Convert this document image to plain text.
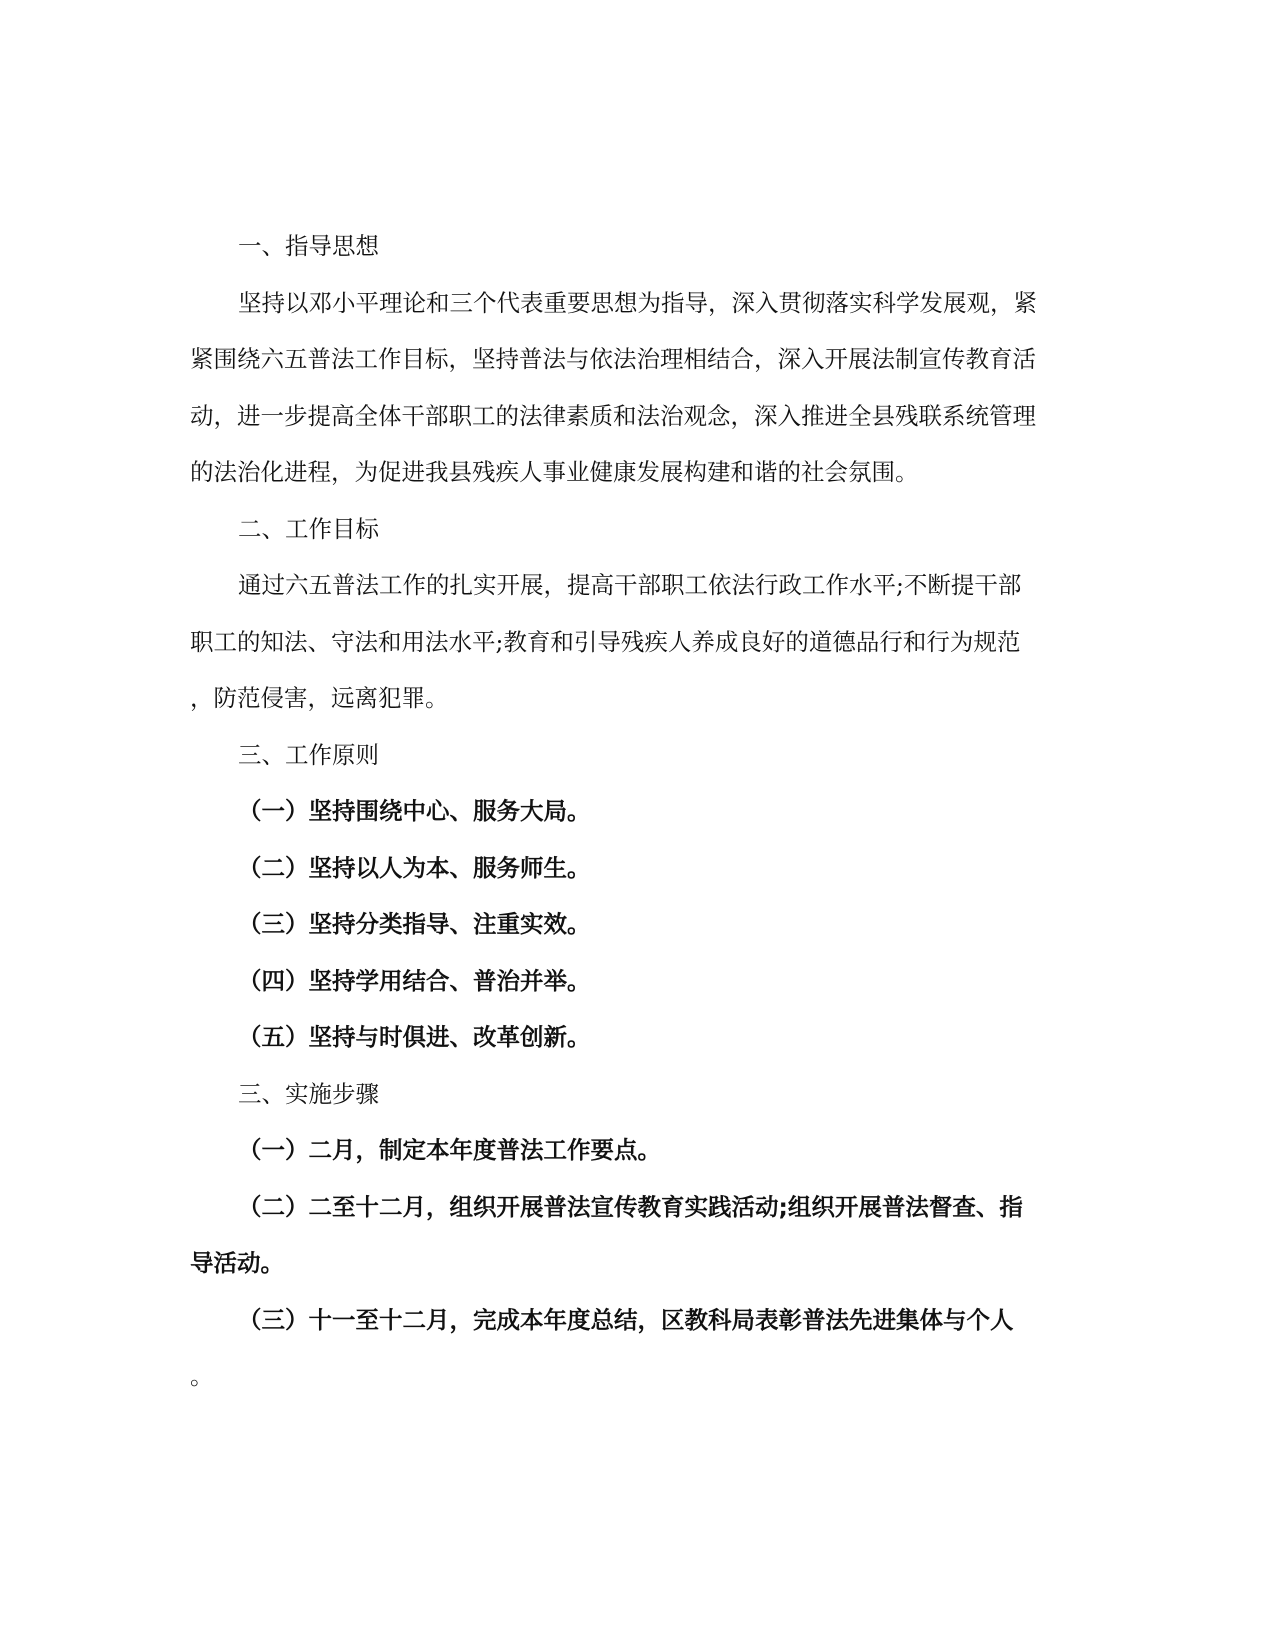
一、指导思想
坚持以邓小平理论和三个代表重要思想为指导，深入贯彻落实科学发展观，紧
紧围绕六五普法工作目标，坚持普法与依法治理相结合，深入开展法制宣传教育活
动，进一步提高全体干部职工的法律素质和法治观念，深入推进全县残联系统管理
的法治化进程，为促进我县残疾人事业健康发展构建和谐的社会氛围。
二、工作目标
通过六五普法工作的扎实开展，提高干部职工依法行政工作水平;不断提干部
职工的知法、守法和用法水平;教育和引导残疾人养成良好的道德品行和行为规范
，防范侵害，远离犯罪。
三、工作原则
（一）坚持围绕中心、服务大局。
（二）坚持以人为本、服务师生。
（三）坚持分类指导、注重实效。
（四）坚持学用结合、普治并举。
（五）坚持与时俱进、改革创新。
三、实施步骤
（一）二月，制定本年度普法工作要点。
（二）二至十二月，组织开展普法宣传教育实践活动;组织开展普法督查、指
导活动。
（三）十一至十二月，完成本年度总结，区教科局表彰普法先进集体与个人
。
